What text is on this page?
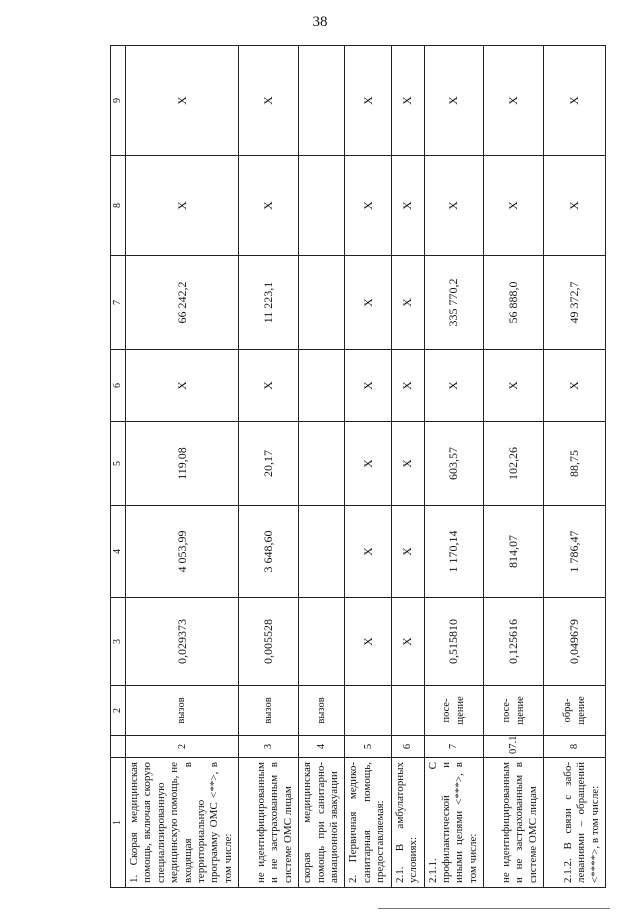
38
1		2	3	4	5	6	7	8	9
1. Скорая медицинская помощь, включая скорую специализированную медицинскую помощь, не входящая в территориальную программу ОМС <**>, в том числе:	2	вызов	0,029373	4 053,99	119,08	X	66 242,2	X	X
не идентифицированным и не застрахованным в системе ОМС лицам	3	вызов	0,005528	3 648,60	20,17	X	11 223,1	X	X
скорая медицинская помощь при санитарно-авиационной эвакуации	4	вызов							
2. Первичная медико-санитарная помощь, предоставляемая:	5		X	X	X	X	X	X	X
2.1. В амбулаторных условиях:	6		X	X	X	X	X	X	X
2.1.1. С профилактической и иными целями <***>, в том числе:	7	посе-щение	0,515810	1 170,14	603,57	X	335 770,2	X	X
не идентифицированным и не застрахованным в системе ОМС лицам	07.1	посе-щение	0,125616	814,07	102,26	X	56 888,0	X	X
2.1.2. В связи с забо-леваниями – обращений <****>, в том числе:	8	обра-щение	0,049679	1 786,47	88,75	X	49 372,7	X	X
